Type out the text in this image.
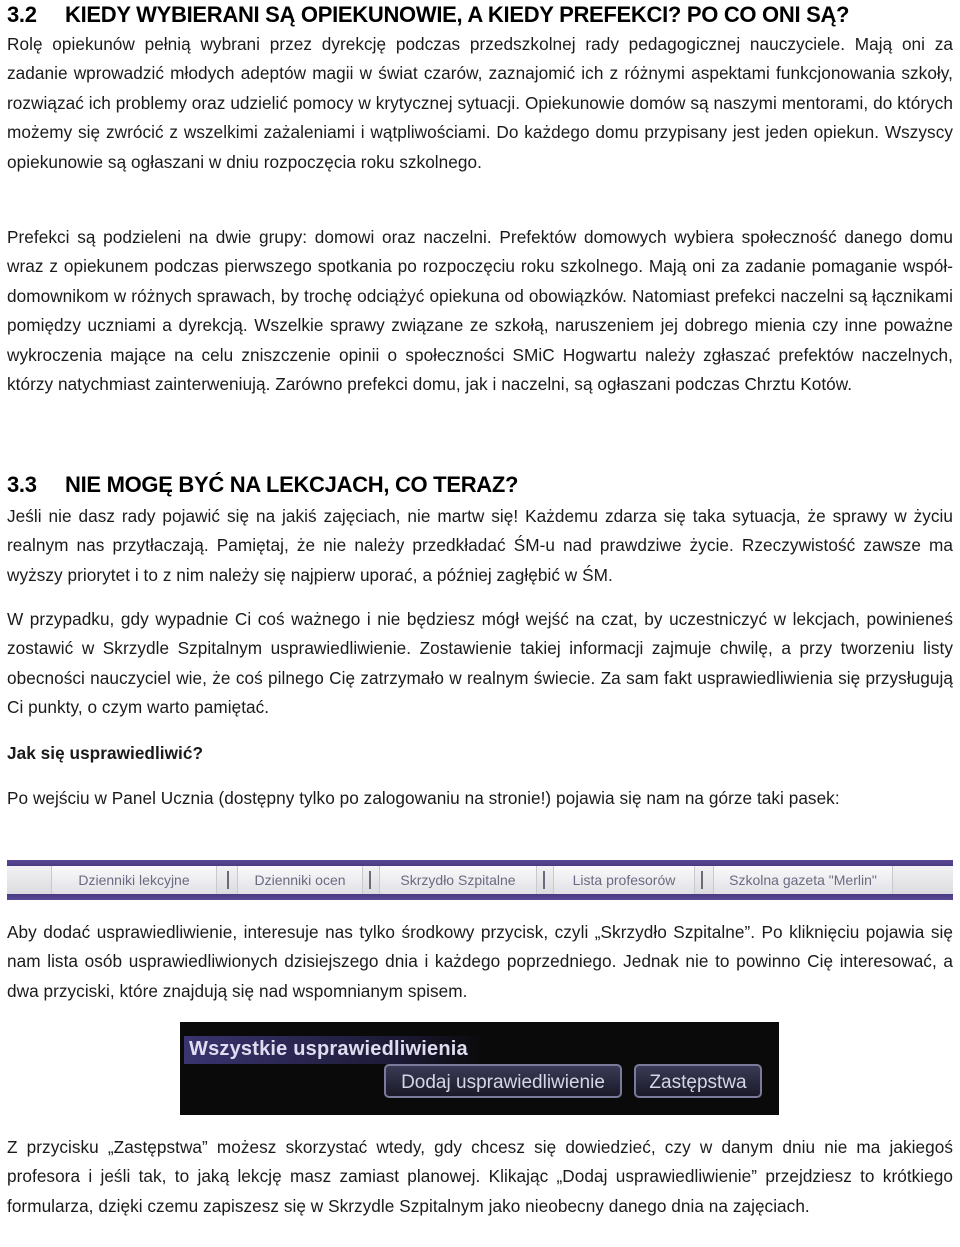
3.2 KIEDY WYBIERANI SĄ OPIEKUNOWIE, A KIEDY PREFEKCI? PO CO ONI SĄ?

Rolę opiekunów pełnią wybrani przez dyrekcję podczas przedszkolnej rady pedagogicznej nauczyciele. Mają oni za zadanie wprowadzić młodych adeptów magii w świat czarów, zaznajomić ich z różnymi aspektami funkcjonowania szkoły, rozwiązać ich problemy oraz udzielić pomocy w krytycznej sytuacji. Opiekunowie domów są naszymi mentorami, do których możemy się zwrócić z wszelkimi zażaleniami i wątpliwościami. Do każdego domu przypisany jest jeden opiekun. Wszyscy opiekunowie są ogłaszani w dniu rozpoczęcia roku szkolnego.

Prefekci są podzieleni na dwie grupy: domowi oraz naczelni. Prefektów domowych wybiera społeczność danego domu wraz z opiekunem podczas pierwszego spotkania po rozpoczęciu roku szkolnego. Mają oni za zadanie pomaganie współ-domownikom w różnych sprawach, by trochę odciążyć opiekuna od obowiązków. Natomiast prefekci naczelni są łącznikami pomiędzy uczniami a dyrekcją. Wszelkie sprawy związane ze szkołą, naruszeniem jej dobrego mienia czy inne poważne wykroczenia mające na celu zniszczenie opinii o społeczności SMiC Hogwartu należy zgłaszać prefektów naczelnych, którzy natychmiast zainterweniują. Zarówno prefekci domu, jak i naczelni, są ogłaszani podczas Chrztu Kotów.

3.3 NIE MOGĘ BYĆ NA LEKCJACH, CO TERAZ?

Jeśli nie dasz rady pojawić się na jakiś zajęciach, nie martw się! Każdemu zdarza się taka sytuacja, że sprawy w życiu realnym nas przytłaczają. Pamiętaj, że nie należy przedkładać ŚM-u nad prawdziwe życie. Rzeczywistość zawsze ma wyższy priorytet i to z nim należy się najpierw uporać, a później zagłębić w ŚM.

W przypadku, gdy wypadnie Ci coś ważnego i nie będziesz mógł wejść na czat, by uczestniczyć w lekcjach, powinieneś zostawić w Skrzydle Szpitalnym usprawiedliwienie. Zostawienie takiej informacji zajmuje chwilę, a przy tworzeniu listy obecności nauczyciel wie, że coś pilnego Cię zatrzymało w realnym świecie. Za sam fakt usprawiedliwienia się przysługują Ci punkty, o czym warto pamiętać.

Jak się usprawiedliwić?

Po wejściu w Panel Ucznia (dostępny tylko po zalogowaniu na stronie!) pojawia się nam na górze taki pasek:

Dzienniki lekcyjne	Dzienniki ocen	Skrzydło Szpitalne	Lista profesorów	Szkolna gazeta "Merlin"

Aby dodać usprawiedliwienie, interesuje nas tylko środkowy przycisk, czyli „Skrzydło Szpitalne”. Po kliknięciu pojawia się nam lista osób usprawiedliwionych dzisiejszego dnia i każdego poprzedniego. Jednak nie to powinno Cię interesować, a dwa przyciski, które znajdują się nad wspomnianym spisem.

Wszystkie usprawiedliwienia
Dodaj usprawiedliwienie	Zastępstwa

Z przycisku „Zastępstwa” możesz skorzystać wtedy, gdy chcesz się dowiedzieć, czy w danym dniu nie ma jakiegoś profesora i jeśli tak, to jaką lekcję masz zamiast planowej. Klikając „Dodaj usprawiedliwienie” przejdziesz to krótkiego formularza, dzięki czemu zapiszesz się w Skrzydle Szpitalnym jako nieobecny danego dnia na zajęciach.
